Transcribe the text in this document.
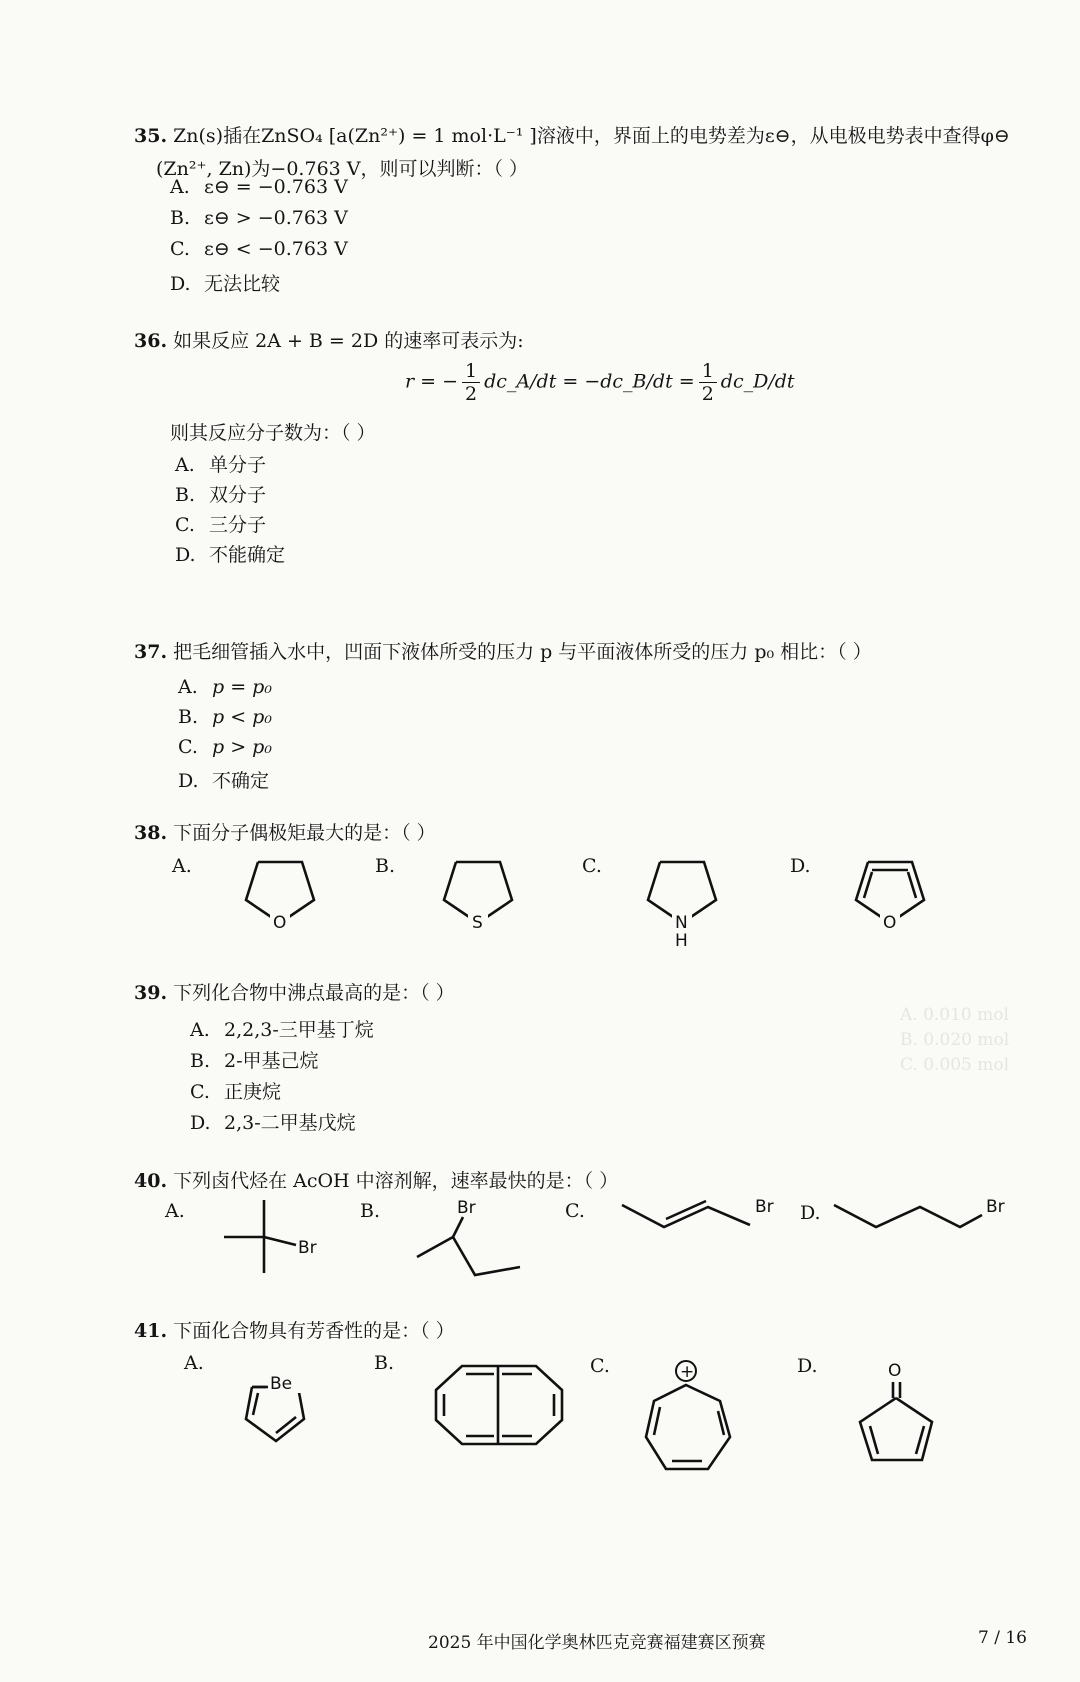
35. Zn(s)插在ZnSO₄ [a(Zn²⁺) = 1 mol·L⁻¹ ]溶液中，界面上的电势差为ε⊖，从电极电势表中查得φ⊖
(Zn²⁺, Zn)为−0.763 V，则可以判断：（ ）
A. ε⊖ = −0.763 V
B. ε⊖ > −0.763 V
C. ε⊖ < −0.763 V
D. 无法比较
36. 如果反应 2A + B = 2D 的速率可表示为:
r = − $\frac{1}{2}$ dc_A/dt = −dc_B/dt = $\frac{1}{2}$ dc_D/dt
则其反应分子数为：（ ）
A. 单分子
B. 双分子
C. 三分子
D. 不能确定
37. 把毛细管插入水中，凹面下液体所受的压力 p 与平面液体所受的压力 p₀ 相比：（ ）
A. p = p₀
B. p < p₀
C. p > p₀
D. 不确定
38. 下面分子偶极矩最大的是：（ ）
A.	B.	C.	D.
O	S	N
H
O
39. 下列化合物中沸点最高的是：（ ）
A. 2,2,3-三甲基丁烷
B. 2-甲基己烷
C. 正庚烷
D. 2,3-二甲基戊烷
40. 下列卤代烃在 AcOH 中溶剂解，速率最快的是：（ ）
A.	B.	C.	D.
Br
Br	Br	Br
41. 下面化合物具有芳香性的是：（ ）
A.	B.	C.	D.
Be
+	O
A. 0.010 mol
B. 0.020 mol
C. 0.005 mol
2025 年中国化学奥林匹克竞赛福建赛区预赛	7 / 16
